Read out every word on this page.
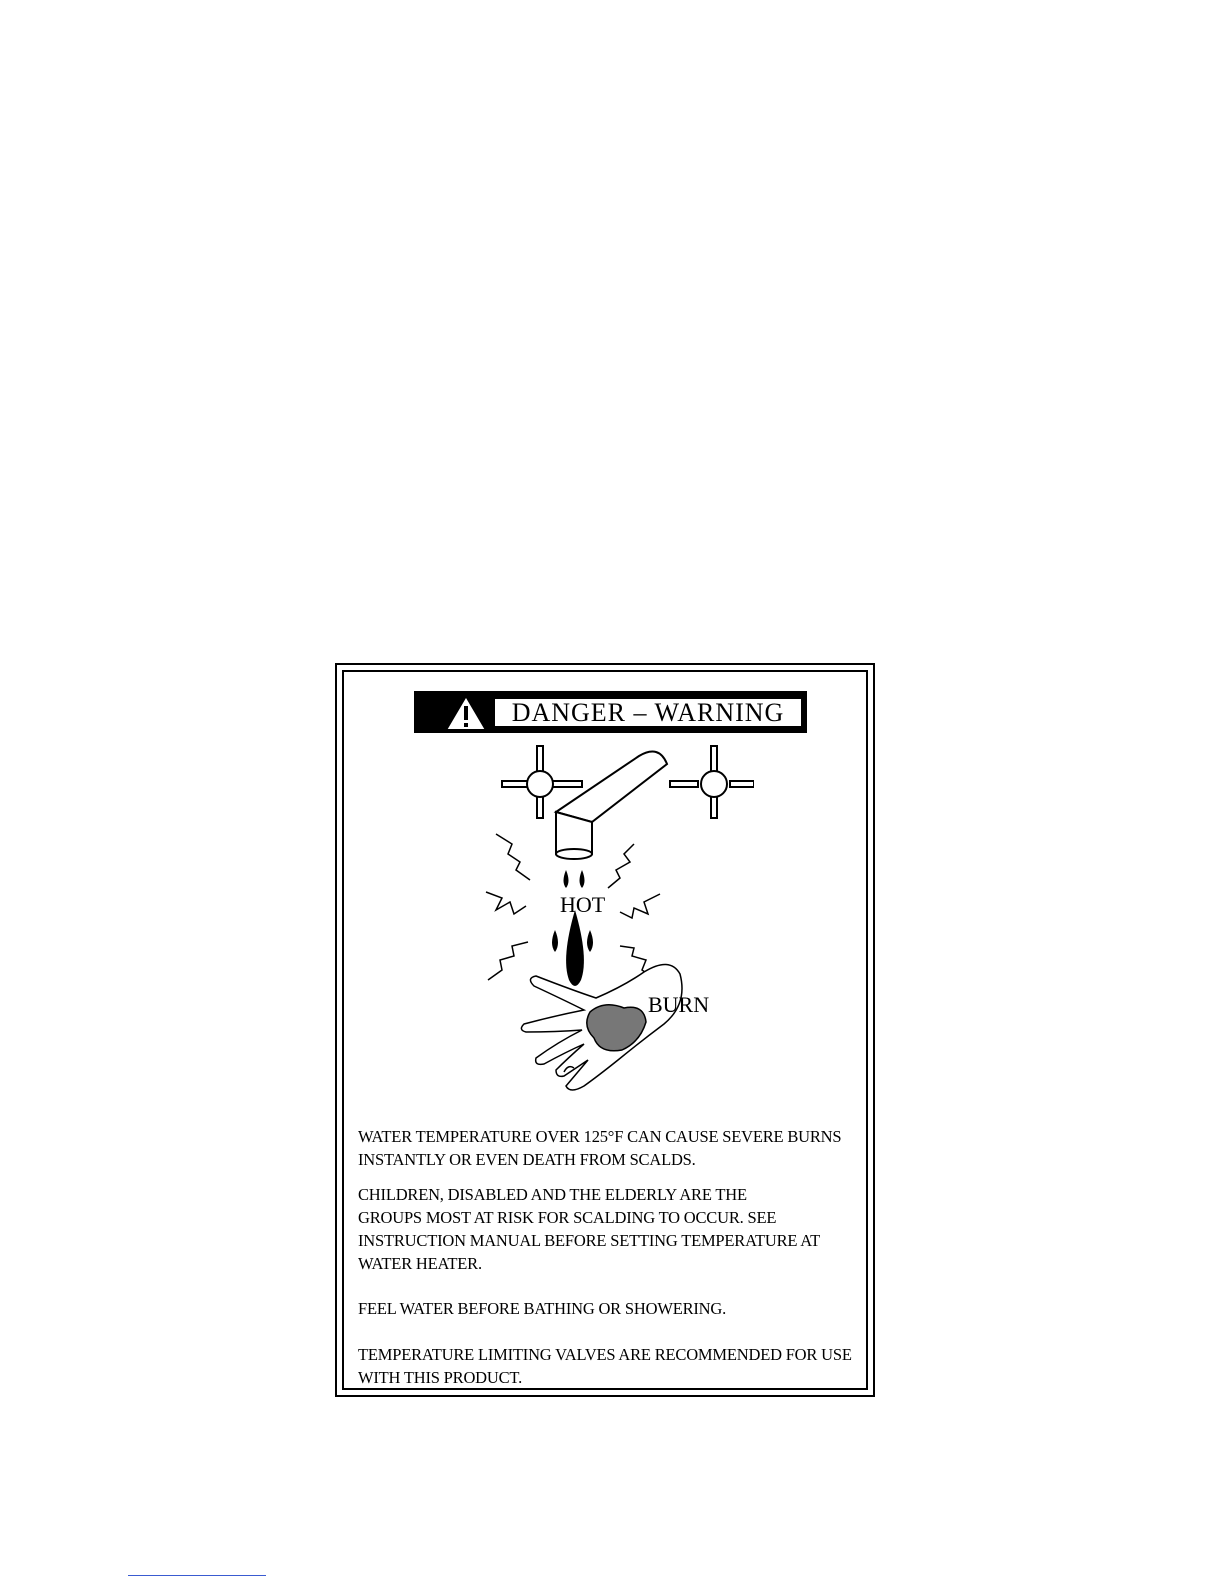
DANGER – WARNING
HOT
BURN
WATER TEMPERATURE OVER 125°F CAN CAUSE SEVERE BURNS
INSTANTLY OR EVEN DEATH FROM SCALDS.
CHILDREN, DISABLED AND THE ELDERLY ARE THE
GROUPS MOST AT RISK FOR SCALDING TO OCCUR. SEE
INSTRUCTION MANUAL BEFORE SETTING TEMPERATURE AT
WATER HEATER.
FEEL WATER BEFORE BATHING OR SHOWERING.
TEMPERATURE LIMITING VALVES ARE RECOMMENDED FOR USE
WITH THIS PRODUCT.
